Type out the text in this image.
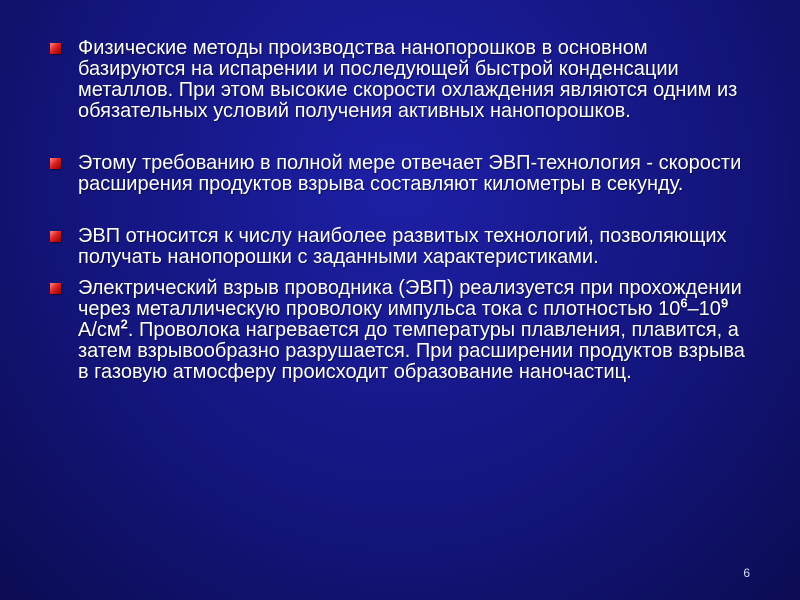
Физические методы производства нанопорошков в основном базируются на испарении и последующей быстрой конденсации металлов. При этом высокие скорости охлаждения являются одним из обязательных условий получения активных нанопорошков.
Этому требованию в полной мере отвечает ЭВП-технология - скорости расширения продуктов взрыва составляют километры в секунду.
ЭВП относится к числу наиболее развитых технологий, позволяющих получать нанопорошки с заданными характеристиками.
Электрический взрыв проводника (ЭВП) реализуется при прохождении через металлическую проволоку импульса тока с плотностью $10^6-10^9$ $А/см^2$. Проволока нагревается до температуры плавления, плавится, а затем взрывообразно разрушается. При расширении продуктов взрыва в газовую атмосферу происходит образование наночастиц.
6
